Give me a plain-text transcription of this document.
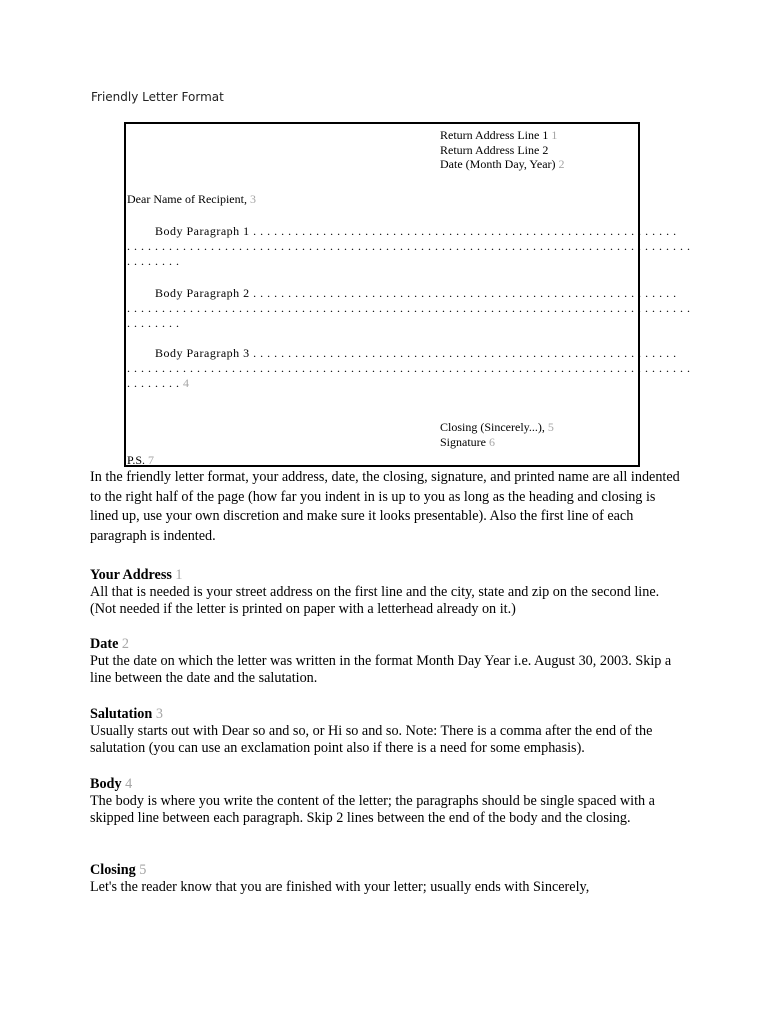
Friendly Letter Format
Return Address Line 1 1
Return Address Line 2
Date (Month Day, Year) 2
Dear Name of Recipient, 3
Body Paragraph 1 . . . . . . . . . . . . . . . . . . . . . . . . . . . . . . . . . . . . . . . . . . . . . . . . . . . . . . . . . . . . .
. . . . . . . . . . . . . . . . . . . . . . . . . . . . . . . . . . . . . . . . . . . . . . . . . . . . . . . . . . . . . . . . . . . . . . . . . . . . . . . . .
. . . . . . . .
Body Paragraph 2 . . . . . . . . . . . . . . . . . . . . . . . . . . . . . . . . . . . . . . . . . . . . . . . . . . . . . . . . . . . . .
. . . . . . . . . . . . . . . . . . . . . . . . . . . . . . . . . . . . . . . . . . . . . . . . . . . . . . . . . . . . . . . . . . . . . . . . . . . . . . . . .
. . . . . . . .
Body Paragraph 3 . . . . . . . . . . . . . . . . . . . . . . . . . . . . . . . . . . . . . . . . . . . . . . . . . . . . . . . . . . . . .
. . . . . . . . . . . . . . . . . . . . . . . . . . . . . . . . . . . . . . . . . . . . . . . . . . . . . . . . . . . . . . . . . . . . . . . . . . . . . . . . .
. . . . . . . . 4
Closing (Sincerely...), 5
Signature 6
P.S. 7

In the friendly letter format, your address, date, the closing, signature, and printed name are all indented to the right half of the page (how far you indent in is up to you as long as the heading and closing is lined up, use your own discretion and make sure it looks presentable). Also the first line of each paragraph is indented.

Your Address 1

All that is needed is your street address on the first line and the city, state and zip on the second line. (Not needed if the letter is printed on paper with a letterhead already on it.)

Date 2

Put the date on which the letter was written in the format Month Day Year i.e. August 30, 2003. Skip a line between the date and the salutation.

Salutation 3

Usually starts out with Dear so and so, or Hi so and so. Note: There is a comma after the end of the salutation (you can use an exclamation point also if there is a need for some emphasis).

Body 4

The body is where you write the content of the letter; the paragraphs should be single spaced with a skipped line between each paragraph. Skip 2 lines between the end of the body and the closing.

Closing 5

Let's the reader know that you are finished with your letter; usually ends with Sincerely,
